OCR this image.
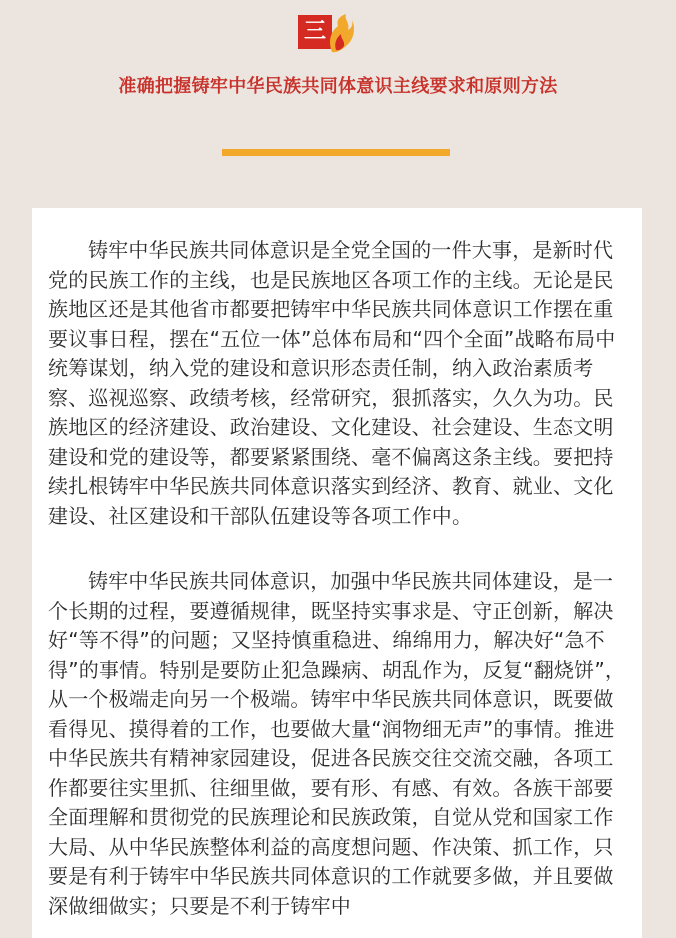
三
准确把握铸牢中华民族共同体意识主线要求和原则方法

铸牢中华民族共同体意识是全党全国的一件大事，是新时代党的民族工作的主线，也是民族地区各项工作的主线。无论是民族地区还是其他省市都要把铸牢中华民族共同体意识工作摆在重要议事日程，摆在“五位一体”总体布局和“四个全面”战略布局中统筹谋划，纳入党的建设和意识形态责任制，纳入政治素质考察、巡视巡察、政绩考核，经常研究，狠抓落实，久久为功。民族地区的经济建设、政治建设、文化建设、社会建设、生态文明建设和党的建设等，都要紧紧围绕、毫不偏离这条主线。要把持续扎根铸牢中华民族共同体意识落实到经济、教育、就业、文化建设、社区建设和干部队伍建设等各项工作中。

铸牢中华民族共同体意识，加强中华民族共同体建设，是一个长期的过程，要遵循规律，既坚持实事求是、守正创新，解决好“等不得”的问题；又坚持慎重稳进、绵绵用力，解决好“急不得”的事情。特别是要防止犯急躁病、胡乱作为，反复“翻烧饼”，从一个极端走向另一个极端。铸牢中华民族共同体意识，既要做看得见、摸得着的工作，也要做大量“润物细无声”的事情。推进中华民族共有精神家园建设，促进各民族交往交流交融，各项工作都要往实里抓、往细里做，要有形、有感、有效。各族干部要全面理解和贯彻党的民族理论和民族政策，自觉从党和国家工作大局、从中华民族整体利益的高度想问题、作决策、抓工作，只要是有利于铸牢中华民族共同体意识的工作就要多做，并且要做深做细做实；只要是不利于铸牢中
